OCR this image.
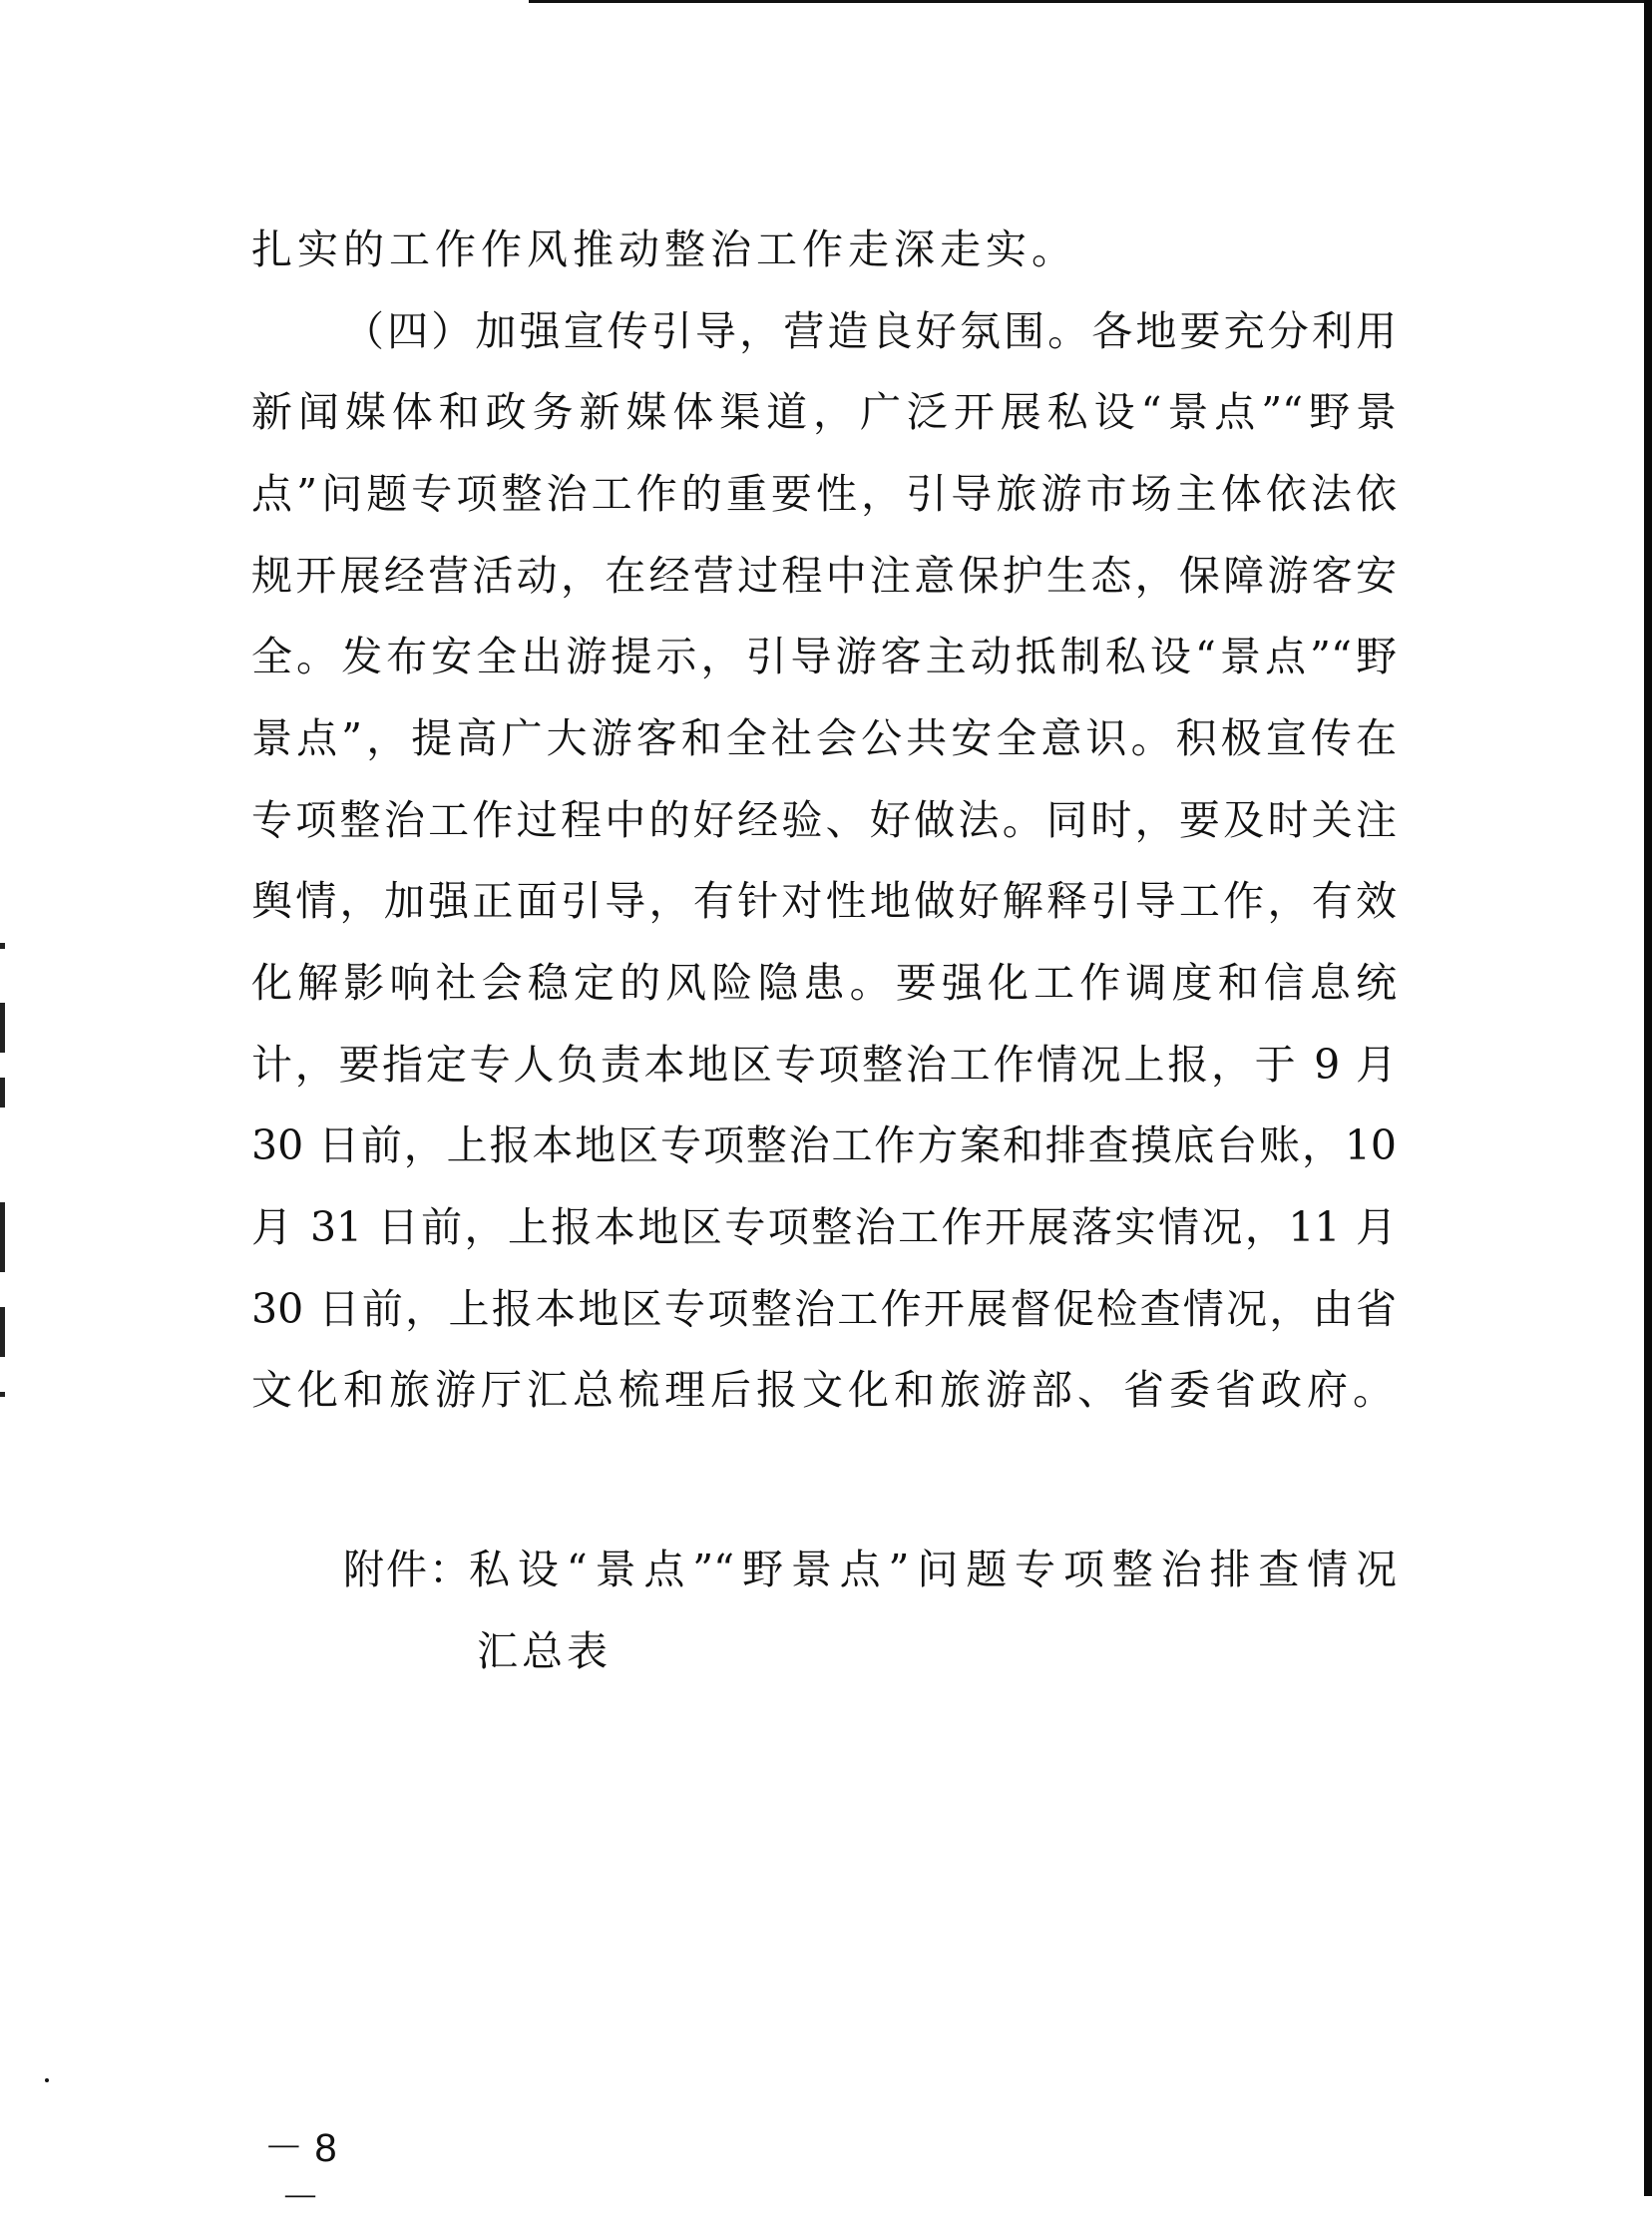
扎实的工作作风推动整治工作走深走实。
（四）加强宣传引导，营造良好氛围。各地要充分利用
新闻媒体和政务新媒体渠道，广泛开展私设“景点”“野景
点”问题专项整治工作的重要性，引导旅游市场主体依法依
规开展经营活动，在经营过程中注意保护生态，保障游客安
全。发布安全出游提示，引导游客主动抵制私设“景点”“野
景点”，提高广大游客和全社会公共安全意识。积极宣传在
专项整治工作过程中的好经验、好做法。同时，要及时关注
舆情，加强正面引导，有针对性地做好解释引导工作，有效
化解影响社会稳定的风险隐患。要强化工作调度和信息统
计，要指定专人负责本地区专项整治工作情况上报，于 9 月
30 日前，上报本地区专项整治工作方案和排查摸底台账，10
月 31 日前，上报本地区专项整治工作开展落实情况，11 月
30 日前，上报本地区专项整治工作开展督促检查情况，由省
文化和旅游厅汇总梳理后报文化和旅游部、省委省政府。
附件：
私设“景点”“野景点”问题专项整治排查情况
汇总表
－ 8 －
